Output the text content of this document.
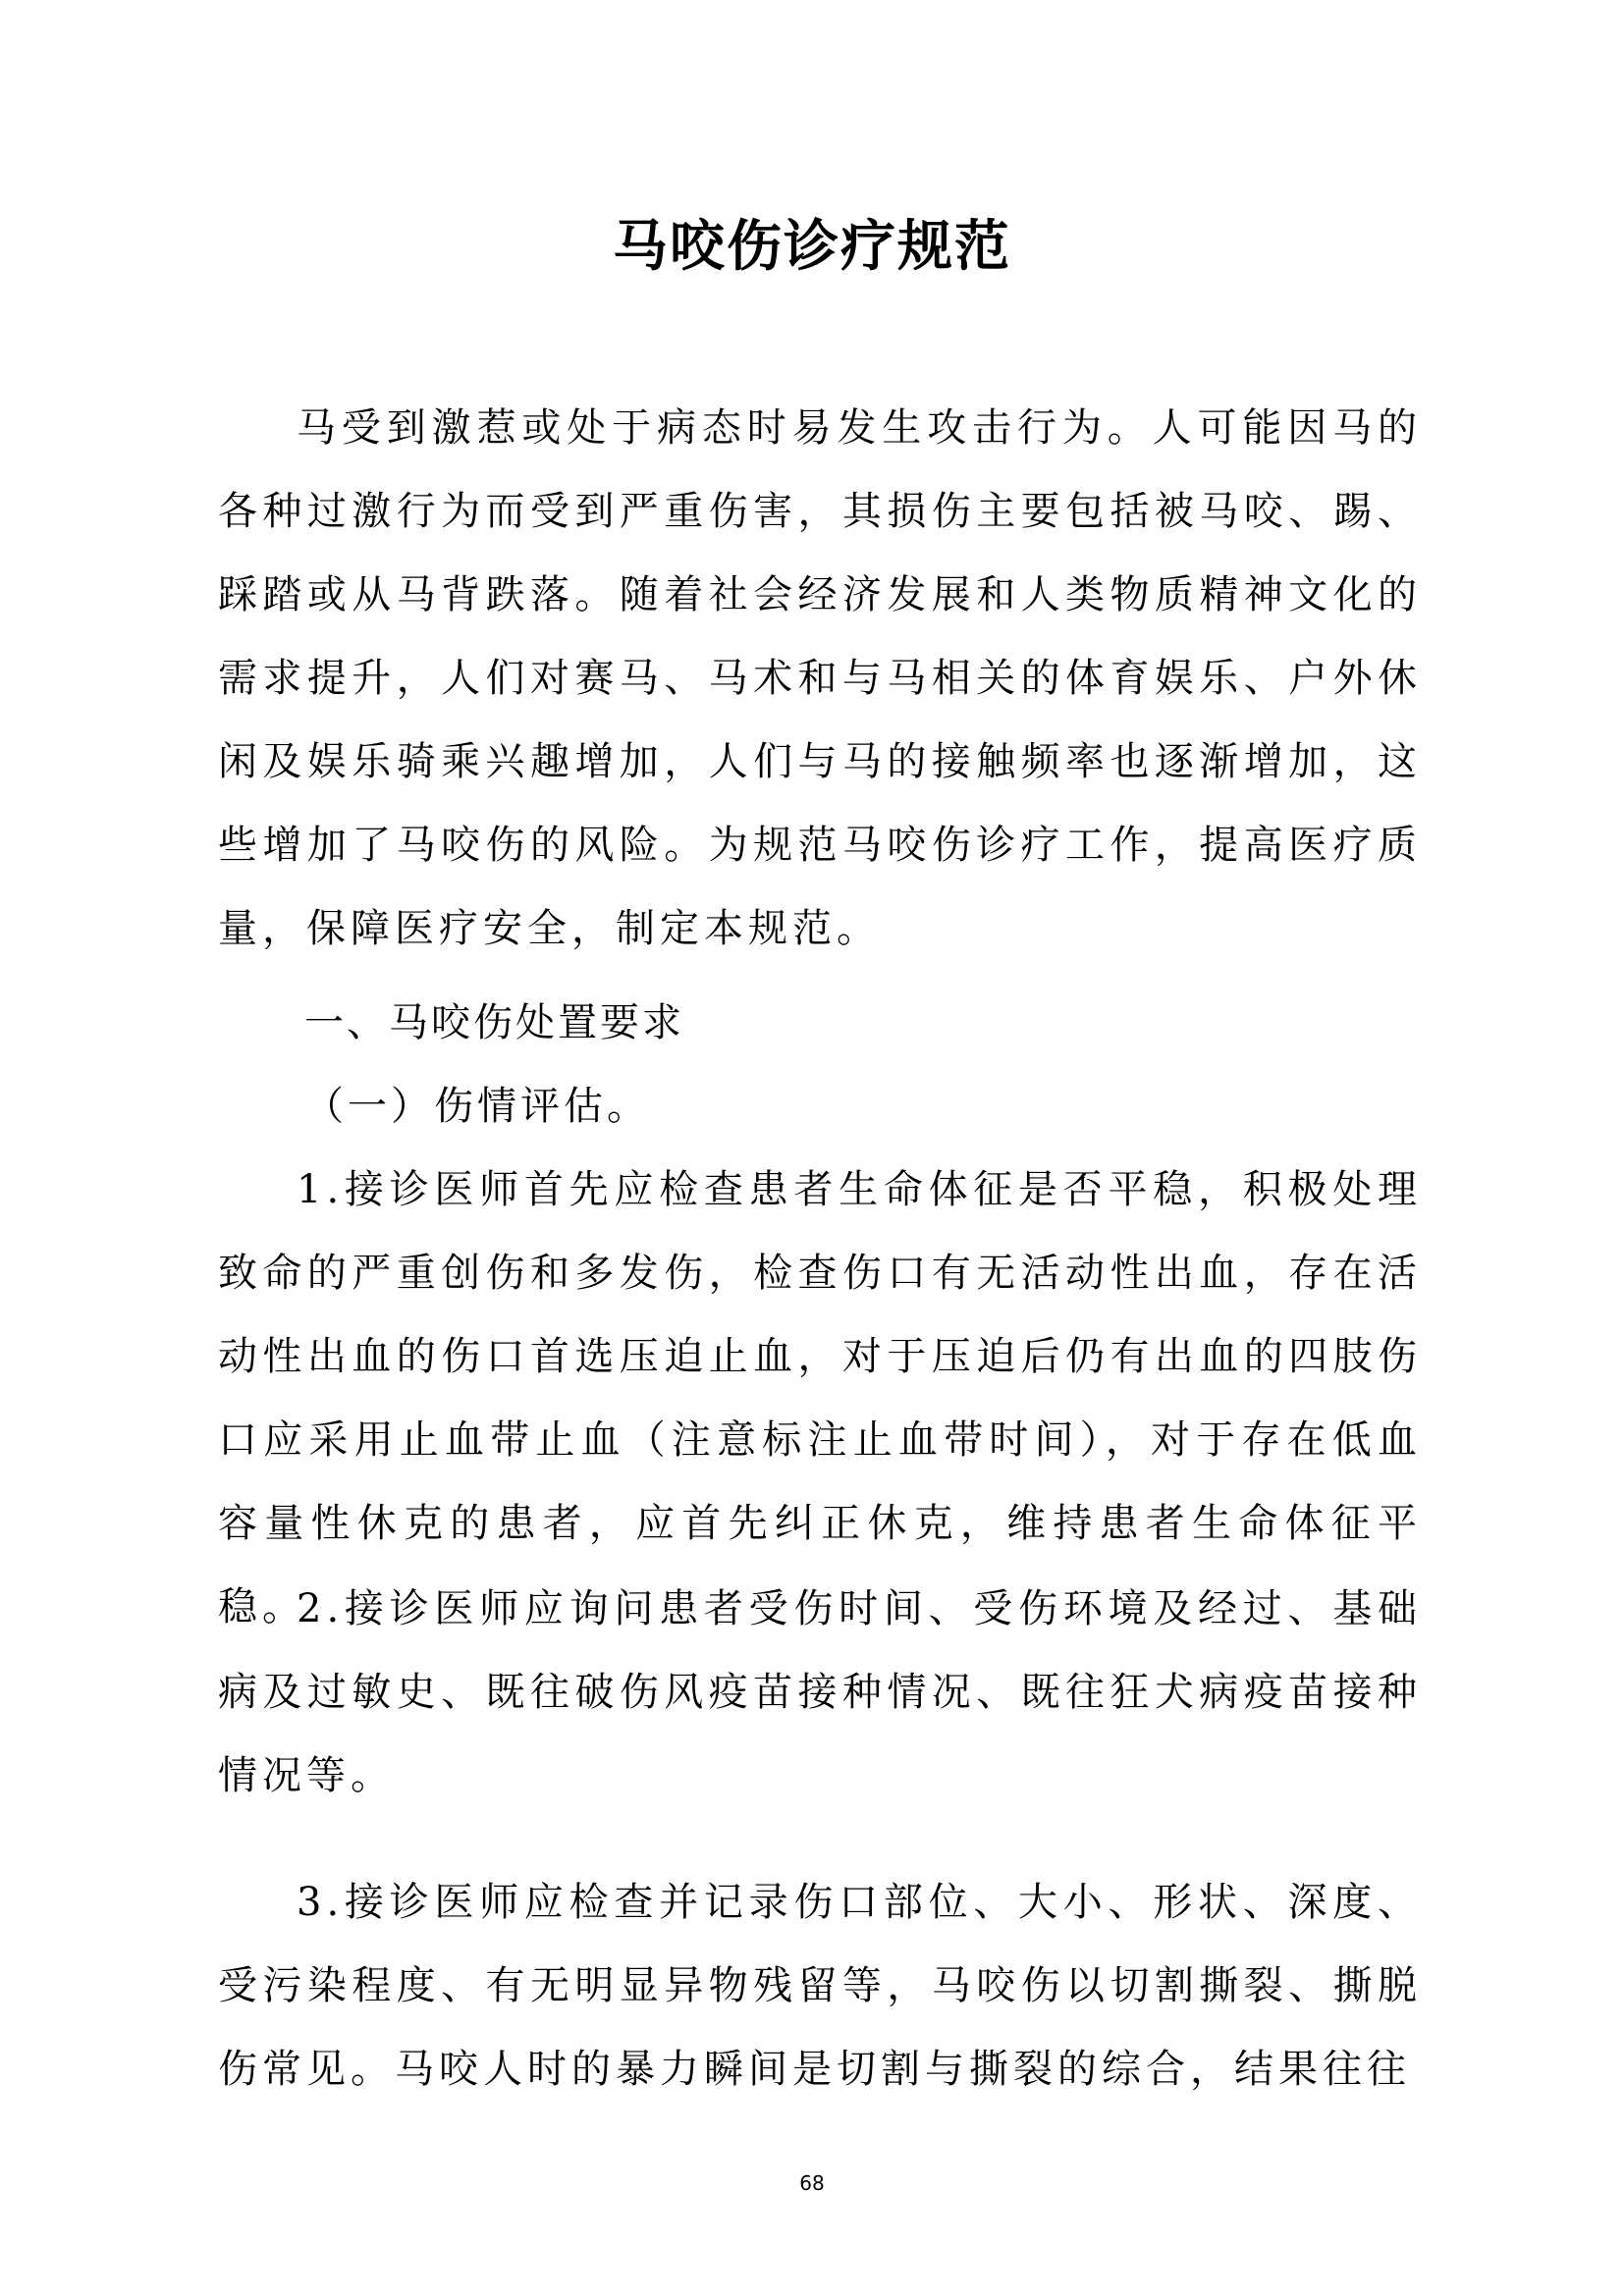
马咬伤诊疗规范

马受到激惹或处于病态时易发生攻击行为。人可能因马的各种过激行为而受到严重伤害，其损伤主要包括被马咬、踢、踩踏或从马背跌落。随着社会经济发展和人类物质精神文化的需求提升，人们对赛马、马术和与马相关的体育娱乐、户外休闲及娱乐骑乘兴趣增加，人们与马的接触频率也逐渐增加，这些增加了马咬伤的风险。为规范马咬伤诊疗工作，提高医疗质量，保障医疗安全，制定本规范。

一、马咬伤处置要求

（一）伤情评估。

1.接诊医师首先应检查患者生命体征是否平稳，积极处理致命的严重创伤和多发伤，检查伤口有无活动性出血，存在活动性出血的伤口首选压迫止血，对于压迫后仍有出血的四肢伤口应采用止血带止血（注意标注止血带时间），对于存在低血容量性休克的患者，应首先纠正休克，维持患者生命体征平稳。

2.接诊医师应询问患者受伤时间、受伤环境及经过、基础病及过敏史、既往破伤风疫苗接种情况、既往狂犬病疫苗接种情况等。

3.接诊医师应检查并记录伤口部位、大小、形状、深度、受污染程度、有无明显异物残留等，马咬伤以切割撕裂、撕脱伤常见。马咬人时的暴力瞬间是切割与撕裂的综合，结果往往

68
